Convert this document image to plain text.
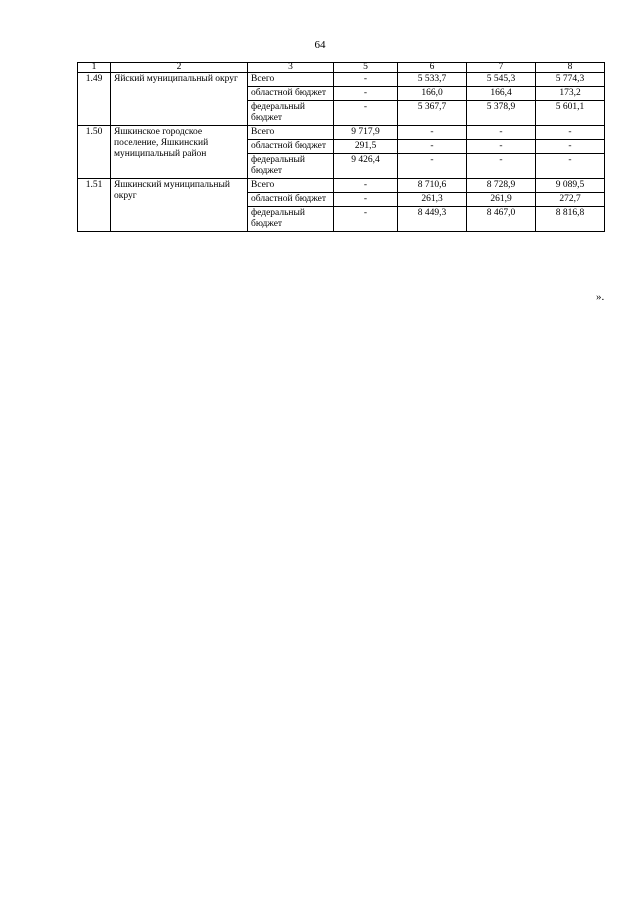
64
1	2	3	5	6	7	8
1.49	Яйский муниципальный округ	Всего	-	5 533,7	5 545,3	5 774,3
		областной бюджет	-	166,0	166,4	173,2
		федеральный бюджет	-	5 367,7	5 378,9	5 601,1
1.50	Яшкинское городское поселение, Яшкинский муниципальный район	Всего	9 717,9	-	-	-
		областной бюджет	291,5	-	-	-
		федеральный бюджет	9 426,4	-	-	-
1.51	Яшкинский муниципальный округ	Всего	-	8 710,6	8 728,9	9 089,5
		областной бюджет	-	261,3	261,9	272,7
		федеральный бюджет	-	8 449,3	8 467,0	8 816,8
».
